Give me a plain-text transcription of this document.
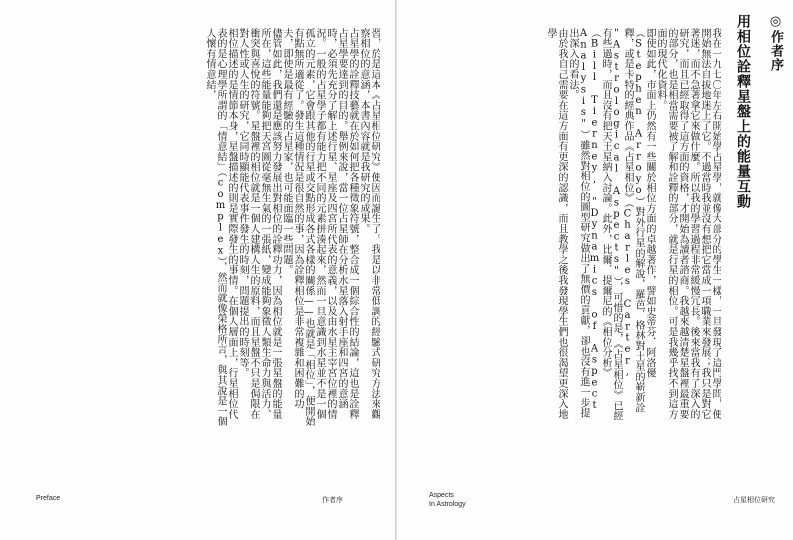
◎作者序
用相位詮釋星盤上的能量互動

我在一九七〇年左右開始學占星學，就像大部分的學生一樣，一旦發現了這門學問，便開始無法自拔地迷上了它。不過當時我並沒有想把它當成一項職業來發展；我只是對它著迷，而不急著拿它來做什麼。所以我的學習過程非常緩慢冗長。後來當我有了深入的研究，而且已經取得了這方面的資格，才開始為讀者諮商。我越來越清楚星盤裡最重要的部分，也是相當需要被了解和詮釋的部分，就是行星的相位。可是我幾乎找不到這方面的現代化資料。

即使如此，市面上仍然有一些關於相位方面的卓越著作，譬如史蒂芬．阿洛優（Stephen Arroyo）對外行星的解說，羅芭．格林對土星的嶄新詮釋，或是卡特的經典作品《占星相位》（Charles Carter, "Astrological Aspects"），可惜的是，《占星相位》已經有些過時，而且沒有把天王星納入討論。此外，比爾．提爾尼的《相位分析》（Bill Tierney, "Dynamics of Aspect Analysis"）雖然對相位的圖型研究做出了無價的貢獻，卻也沒有進一步提出深入的看法。

由於我自己需要在這方面有更深的認識，而且教學之後我發現學生們也很渴望更深入地學

Aspects
In Astrology
占星相位研究

習，於是這本《占星相位研究》便因而誕生了。我是以非常低調的經驗式研究方法來觀察相位的意涵，本書內容就是我研究的成果。

占星學的詮釋技藝就在於如何把各種徵象符號，整合成一個綜合性的結論，這也是詮釋占星學要達到的目的。舉例來說，當一位占星師在分析水星落入射手座和四宮的意涵時，必須先充分了解上述行星、星座及四宮所代表的意義，以及由水星主宰宮位裡的情況。一般的占星學子都有能力把不同的元素拼湊起來，然而一旦意識到水星並不是一個孤立的元素，它會跟其他的行星或交點形成各式各樣的關係——也就是「相位」，便開始有點無所適從了。發生這種情況是很自然的事，因為詮釋相位是非常複雜和困難的功夫，即使是最有經驗的占星家，也可能面臨一些問題。

儘管如此，我們還是應該努力發展出對相位的詮釋功力，因為相位就是一張星盤的能量所在，這些能量能夠把天宮圖從毫無生氣的一張紙，變成能夠象徵人類生命力與活力、衝突與喜悅的符號。星盤裡的相位就是一個人建構人生的原料，而且星盤不只是侷限在對人性或人生的研究，它同時顯能代表事件發生的時刻，問題提出的時刻等。

相位描述的是情節本身，星盤描述的則是實際發生的事情。在個人層面上，行星相位代表的是心理學所謂的「情意結」（complex），然而就像榮格所言，與其說是一個人懷有情意結，

Preface	作者序
